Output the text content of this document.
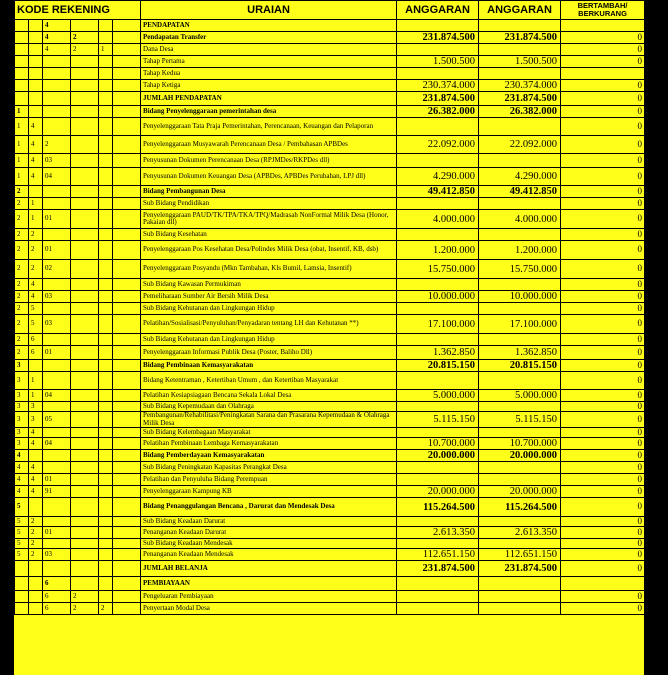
KODE REKENING						URAIAN	ANGGARAN	ANGGARAN	BERTAMBAH/ BERKURANG
		4				PENDAPATAN			
		4	2			Pendapatan Transfer	231.874.500	231.874.500	0
		4	2	1		Dana Desa			0
						Tahap Pertama	1.500.500	1.500.500	0
						Tahap Kedua			
						Tahap Ketiga	230.374.000	230.374.000	0
						JUMLAH PENDAPATAN	231.874.500	231.874.500	0
1						Bidang Penyelenggaraan pemerintahan desa	26.382.000	26.382.000	0
1	4					Penyelenggaraan Tata Praja Pemerintahan, Perencanaan, Keuangan dan Pelaporan			0
1	4	2				Penyelenggaraan Musyawarah Perencanaan Desa / Pembahasan APBDes	22.092.000	22.092.000	0
1	4	03				Penyusunan Dokumen Perencanaan Desa (RPJMDes/RKPDes dll)			0
1	4	04				Penyusunan Dokumen Keuangan Desa (APBDes, APBDes Perubahan, LPJ dll)	4.290.000	4.290.000	0
2						Bidang Pembangunan Desa	49.412.850	49.412.850	0
2	1					Sub Bidang Pendidikan			0
2	1	01				Penyelenggaraan PAUD/TK/TPA/TKA/TPQ/Madrasah NonFormal Milik Desa (Honor, Pakaian dll)	4.000.000	4.000.000	0
2	2					Sub Bidang Kesehatan			0
2	2	01				Penyelenggaraan Pos Kesehatan Desa/Polindes Milik Desa (obat, Insentif, KB, dsb)	1.200.000	1.200.000	0
2	2	02				Penyelenggaraan Posyandu (Mkn Tambahan, Kls Bumil, Lamsia, Insentif)	15.750.000	15.750.000	0
2	4					Sub Bidang Kawasan Permukiman			0
2	4	03				Pemeliharaan Sumber Air Bersih Milik Desa	10.000.000	10.000.000	0
2	5					Sub Bidang Kehutanan dan Lingkungan Hidup			0
2	5	03				Pelatihan/Sosialisasi/Penyuluhan/Penyadaran tentang LH dan Kehutanan **)	17.100.000	17.100.000	0
2	6					Sub Bidang Kehutanan dan Lingkungan Hidup			0
2	6	01				Penyelenggaraan Informasi Publik Desa (Poster, Baliho Dll)	1.362.850	1.362.850	0
3						Bidang Pembinaan Kemasyarakatan	20.815.150	20.815.150	0
3	1					Bidang Ketentraman , Ketertiban Umum , dan Ketertiban Masyarakat			0
3	1	04				Pelatihan Kesiapsiagaan Bencana Sekala Lokal Desa	5.000.000	5.000.000	0
3	3					Sub Bidang Kepemudaan dan Olahraga			0
3	3	05				Pembangunan/Rehabilitasi/Peningkatan Sarana dan Prasarana Kepemudaan & Olahraga Milik Desa	5.115.150	5.115.150	0
3	4					Sub Bidang Kelembagaan Masyarakat			0
3	4	04				Pelatihan Pembinaan Lembaga Kemasyarakatan	10.700.000	10.700.000	0
4						Bidang Pemberdayaan Kemasyarakatan	20.000.000	20.000.000	0
4	4					Sub Bidang Peningkatan Kapasitas Perangkat Desa			0
4	4	01				Pelatihan dan Penyuluha Bidang Perempuan			0
4	4	91				Penyelenggaraan Kampung KB	20.000.000	20.000.000	0
5						Bidang Penanggulangan Bencana , Darurat dan Mendesak Desa	115.264.500	115.264.500	0
5	2					Sub Bidang Keadaan Darurat			0
5	2	01				Penanganan Keadaan Darurat	2.613.350	2.613.350	0
5	2					Sub Bidang Keadaan Mendesak			0
5	2	03				Penanganan Keadaan Mendesak	112.651.150	112.651.150	0
						JUMLAH BELANJA	231.874.500	231.874.500	0
		6				PEMBIAYAAN			
		6	2			Pengeluaran Pembiayaan			0
		6	2	2		Penyertaan Modal Desa			0
